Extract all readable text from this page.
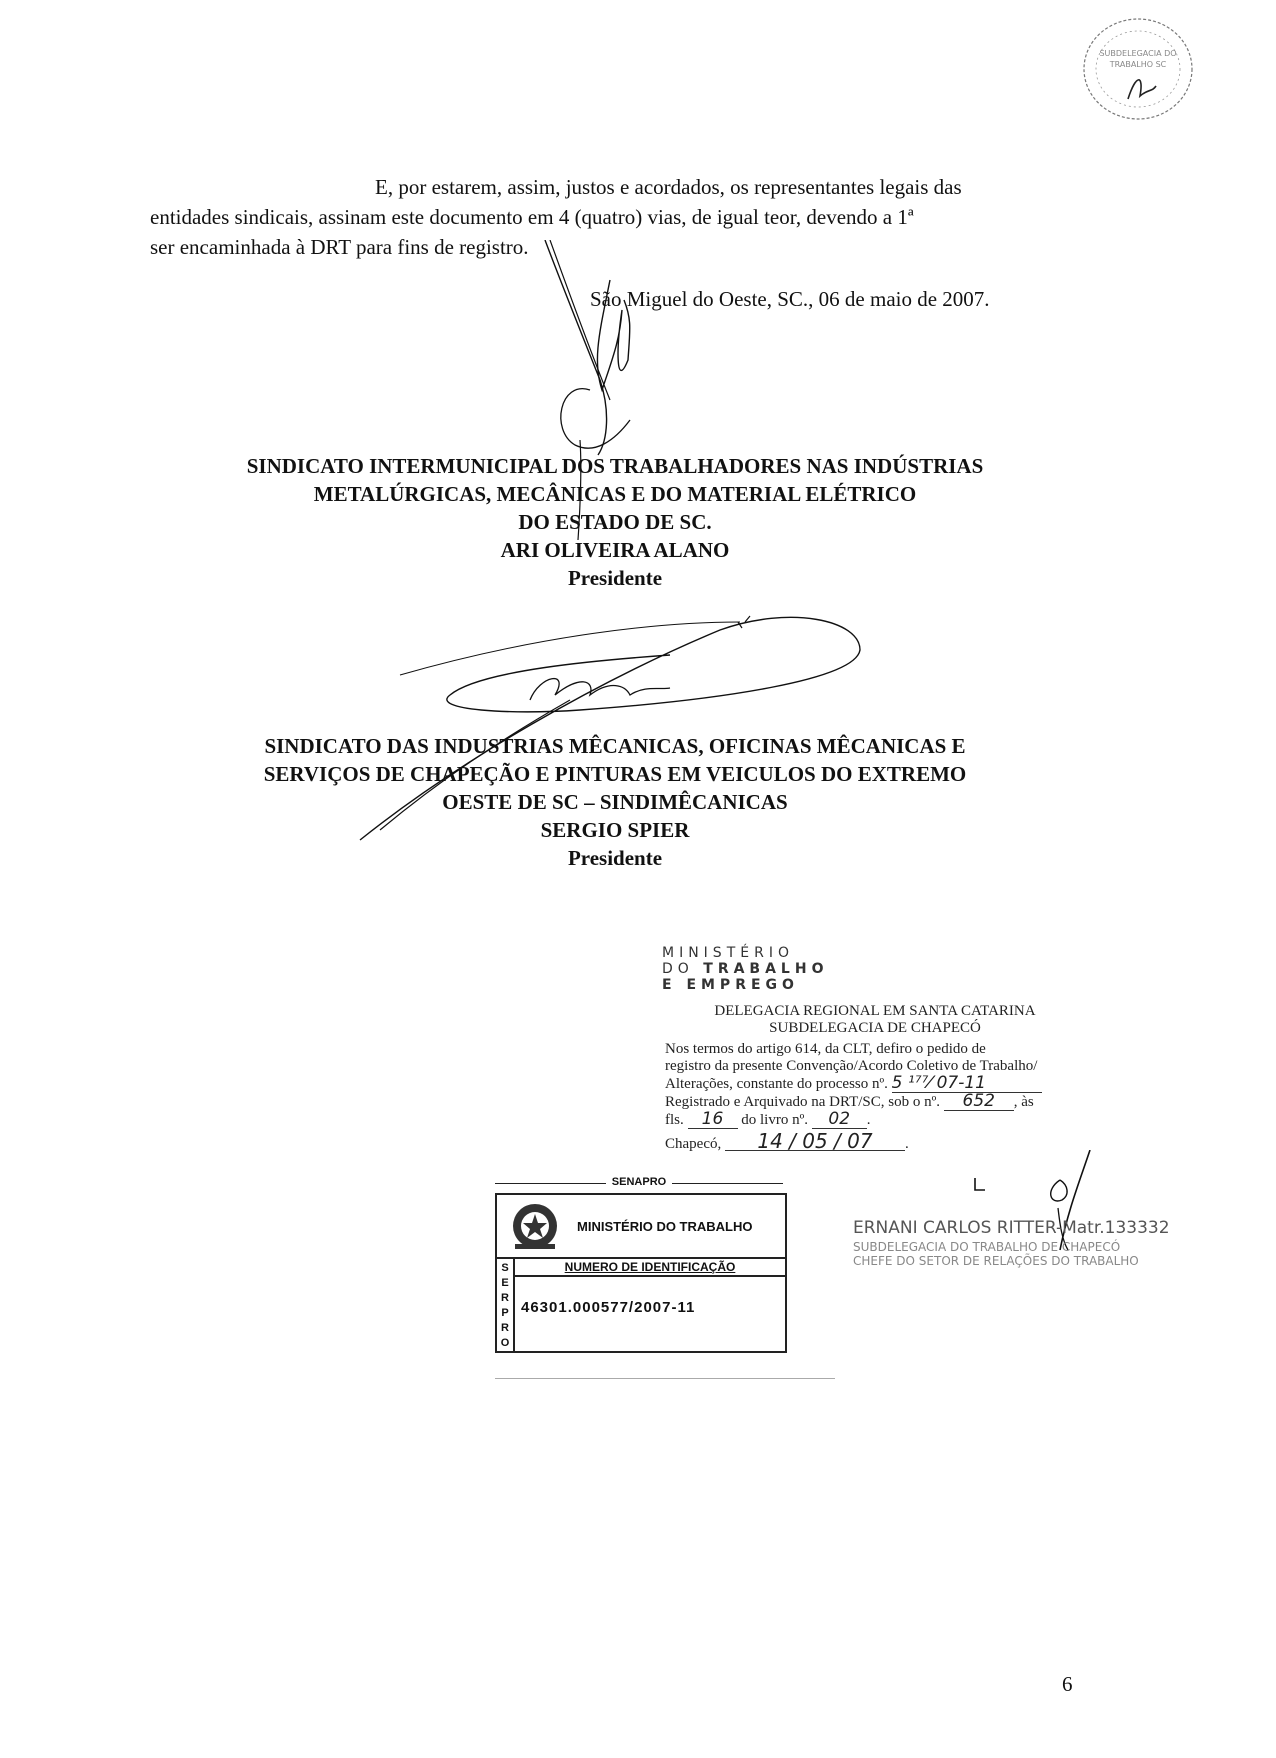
SUBDELEGACIA DO TRABALHO SC
E, por estarem, assim, justos e acordados, os representantes legais das
entidades sindicais, assinam este documento em 4 (quatro) vias, de igual teor, devendo a 1ª
ser encaminhada à DRT para fins de registro.
São Miguel do Oeste, SC., 06 de maio de 2007.
SINDICATO INTERMUNICIPAL DOS TRABALHADORES NAS INDÚSTRIAS
METALÚRGICAS, MECÂNICAS E DO MATERIAL ELÉTRICO
DO ESTADO DE SC.
ARI OLIVEIRA ALANO
Presidente
SINDICATO DAS INDUSTRIAS MÊCANICAS, OFICINAS MÊCANICAS E
SERVIÇOS DE CHAPEÇÃO E PINTURAS EM VEICULOS DO EXTREMO
OESTE DE SC – SINDIMÊCANICAS
SERGIO SPIER
Presidente
MINISTÉRIO
DO TRABALHO
E EMPREGO
DELEGACIA REGIONAL EM SANTA CATARINA
SUBDELEGACIA DE CHAPECÓ
Nos termos do artigo 614, da CLT, defiro o pedido de
registro da presente Convenção/Acordo Coletivo de Trabalho/
Alterações, constante do processo nº. 5 ¹⁷⁷⁄ 07-11
Registrado e Arquivado na DRT/SC, sob o nº. 652 , às
fls. 16 do livro nº. 02 .
Chapecó, 14 / 05 / 07 .
SENAPRO
MINISTÉRIO DO TRABALHO
S
E
R
P
R
O
NUMERO DE IDENTIFICAÇÃO
46301.000577/2007-11
ERNANI CARLOS RITTER-Matr.133332
SUBDELEGACIA DO TRABALHO DE CHAPECÓ
CHEFE DO SETOR DE RELAÇÕES DO TRABALHO
6
